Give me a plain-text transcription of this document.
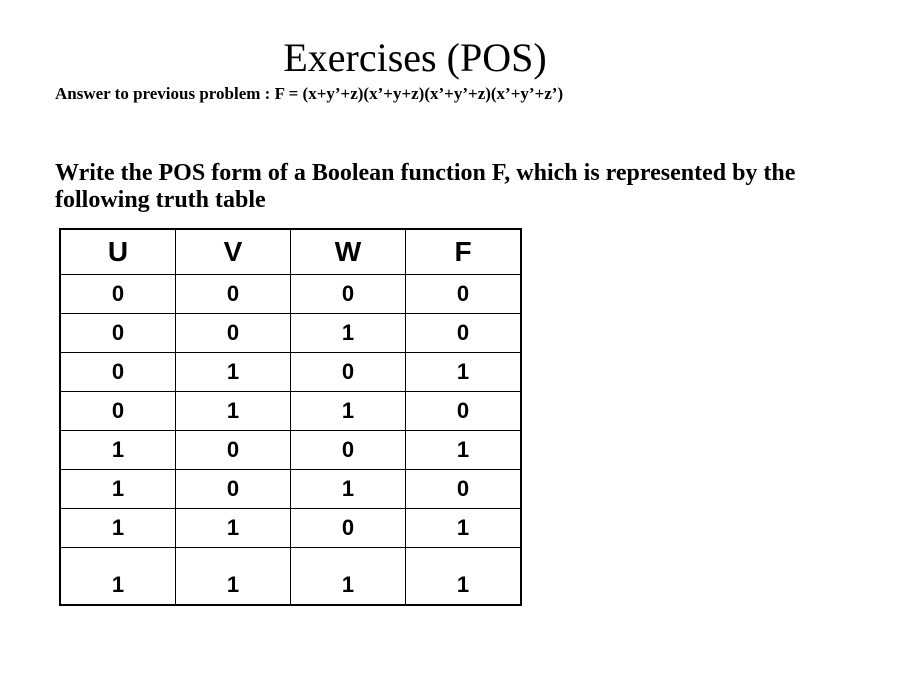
Exercises (POS)
Answer to previous problem : F = (x+y’+z)(x’+y+z)(x’+y’+z)(x’+y’+z’)
Write the POS form of a Boolean function F, which is represented by the following truth table
U	V	W	F
0	0	0	0
0	0	1	0
0	1	0	1
0	1	1	0
1	0	0	1
1	0	1	0
1	1	0	1
1	1	1	1
